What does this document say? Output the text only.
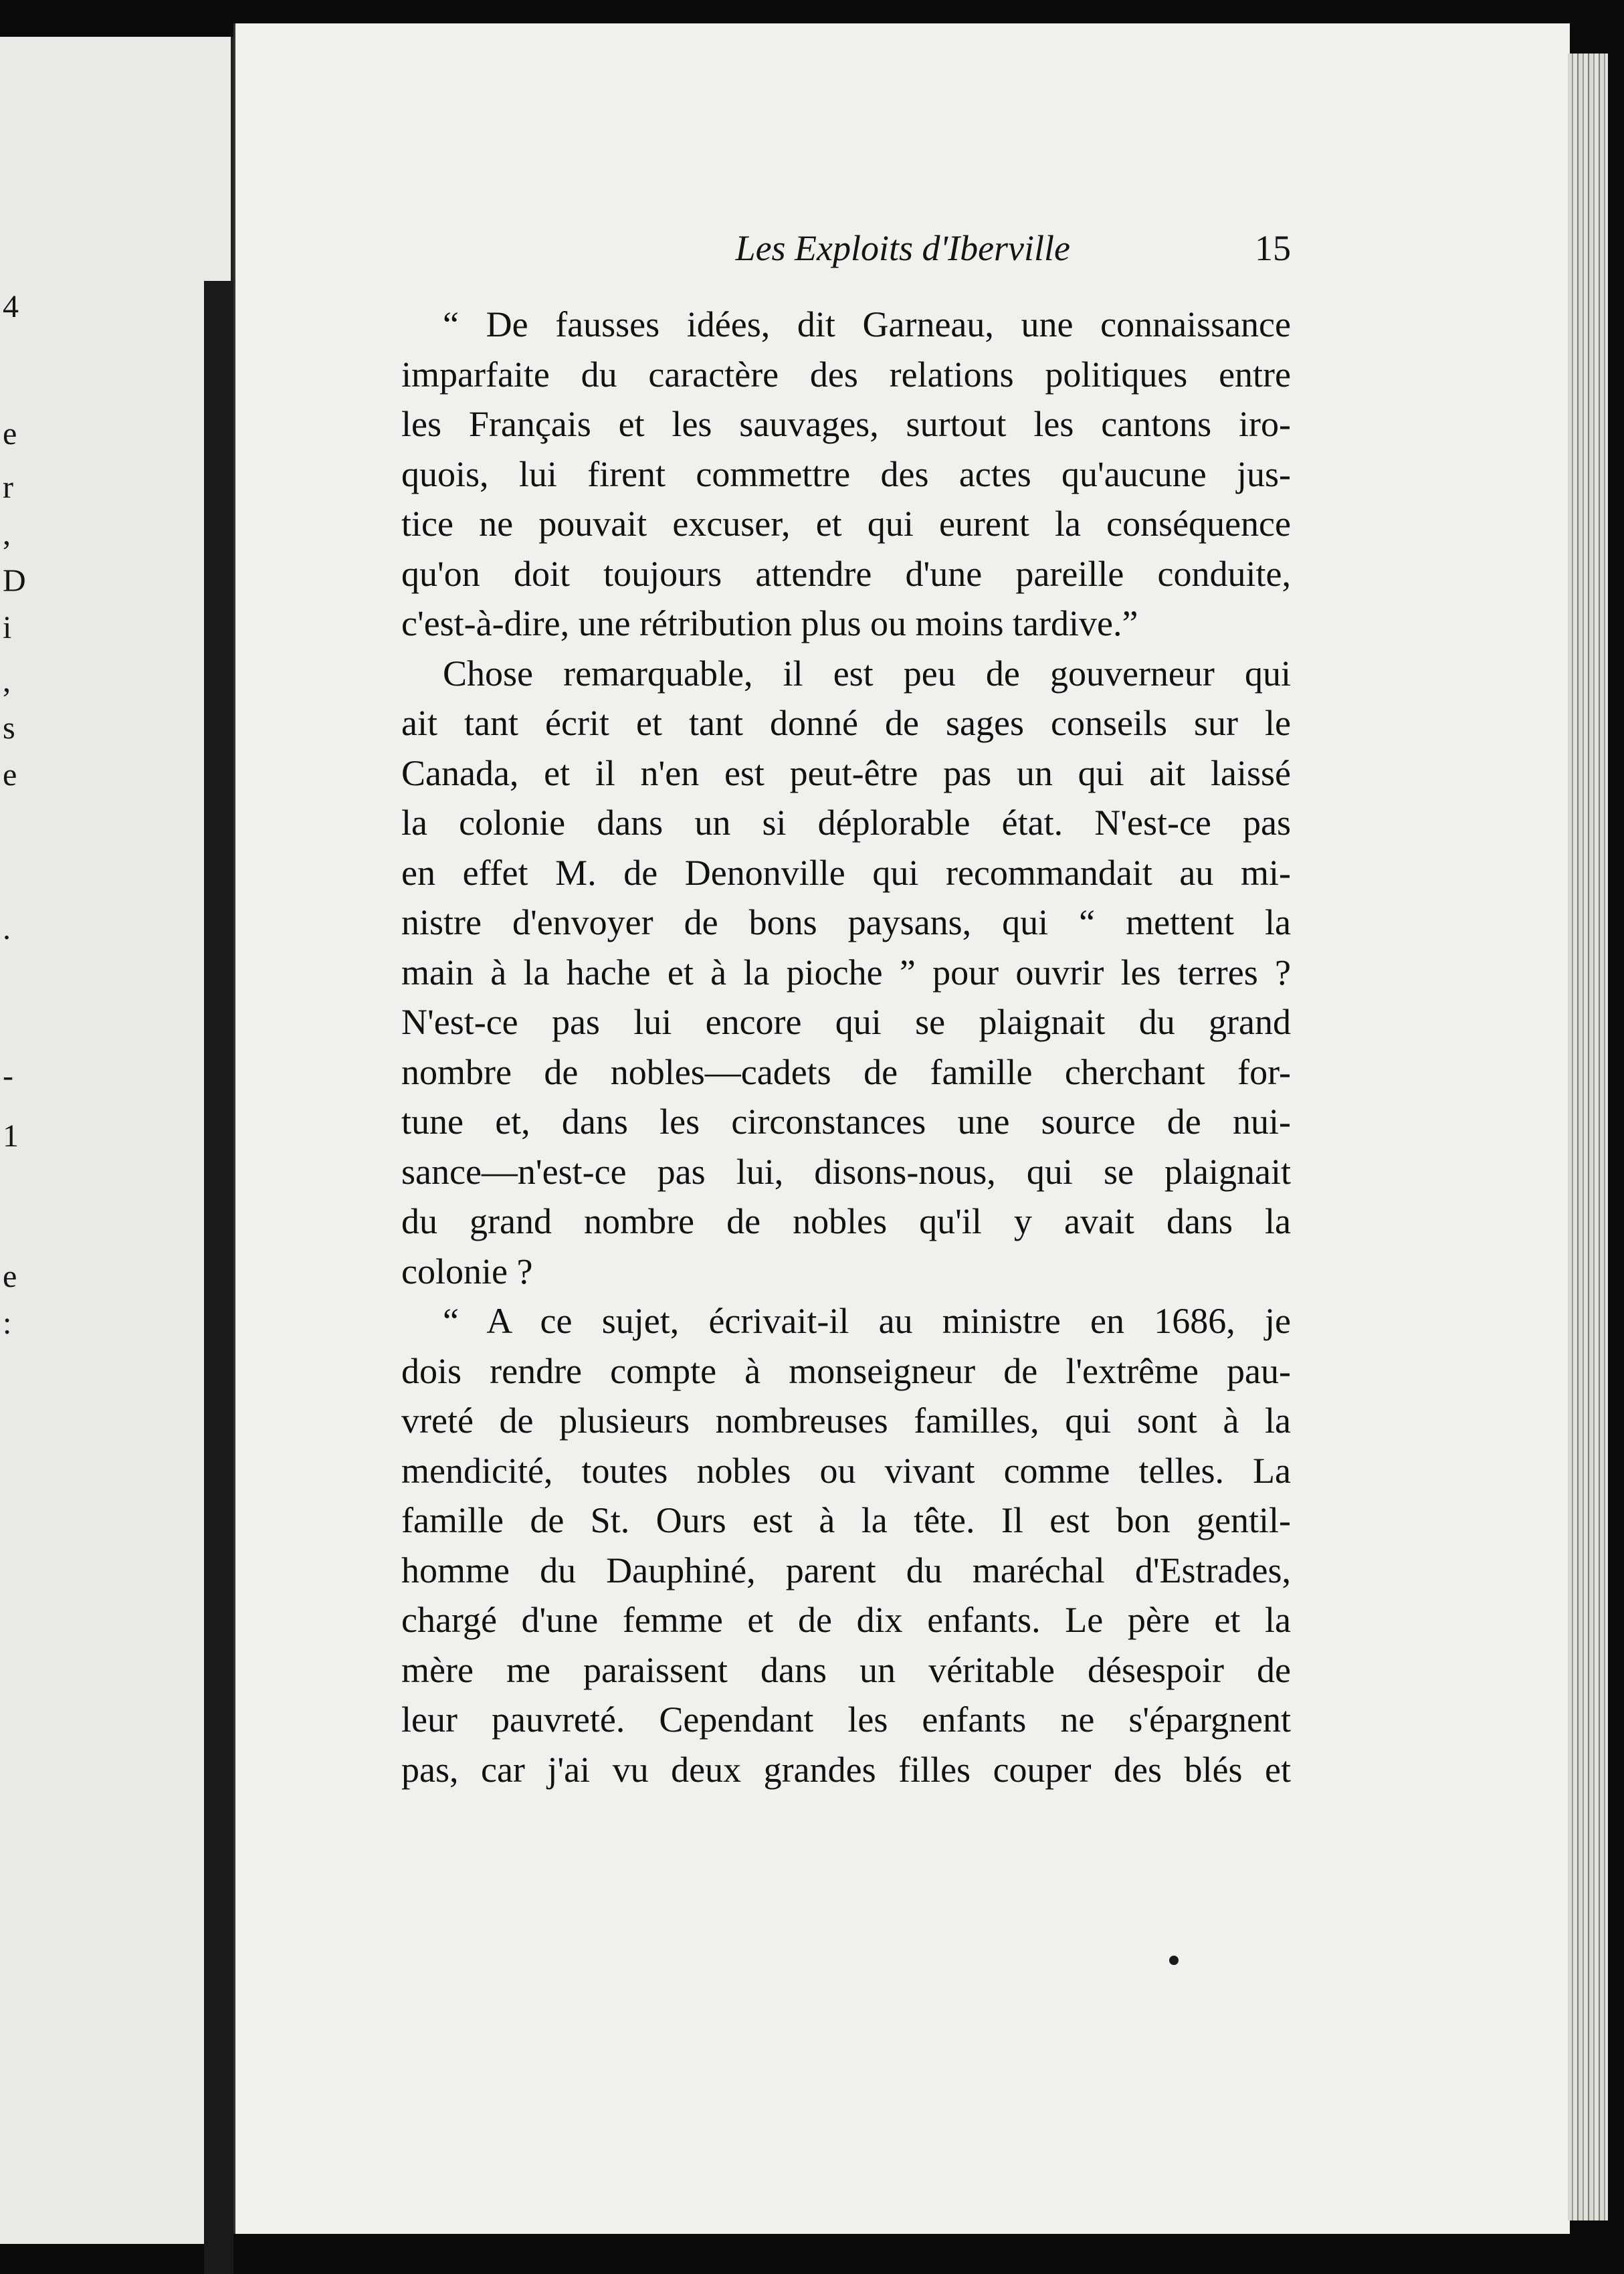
4
e
r
,
D
i
,
s
e
.
-
1
e
:
Les Exploits d'Iberville	15
“ De fausses idées, dit Garneau, une connaissance
imparfaite du caractère des relations politiques entre
les Français et les sauvages, surtout les cantons iro-
quois, lui firent commettre des actes qu'aucune jus-
tice ne pouvait excuser, et qui eurent la conséquence
qu'on doit toujours attendre d'une pareille conduite,
c'est-à-dire, une rétribution plus ou moins tardive.”
Chose remarquable, il est peu de gouverneur qui
ait tant écrit et tant donné de sages conseils sur le
Canada, et il n'en est peut-être pas un qui ait laissé
la colonie dans un si déplorable état. N'est-ce pas
en effet M. de Denonville qui recommandait au mi-
nistre d'envoyer de bons paysans, qui “ mettent la
main à la hache et à la pioche ” pour ouvrir les terres ?
N'est-ce pas lui encore qui se plaignait du grand
nombre de nobles—cadets de famille cherchant for-
tune et, dans les circonstances une source de nui-
sance—n'est-ce pas lui, disons-nous, qui se plaignait
du grand nombre de nobles qu'il y avait dans la
colonie ?
“ A ce sujet, écrivait-il au ministre en 1686, je
dois rendre compte à monseigneur de l'extrême pau-
vreté de plusieurs nombreuses familles, qui sont à la
mendicité, toutes nobles ou vivant comme telles. La
famille de St. Ours est à la tête. Il est bon gentil-
homme du Dauphiné, parent du maréchal d'Estrades,
chargé d'une femme et de dix enfants. Le père et la
mère me paraissent dans un véritable désespoir de
leur pauvreté. Cependant les enfants ne s'épargnent
pas, car j'ai vu deux grandes filles couper des blés et
